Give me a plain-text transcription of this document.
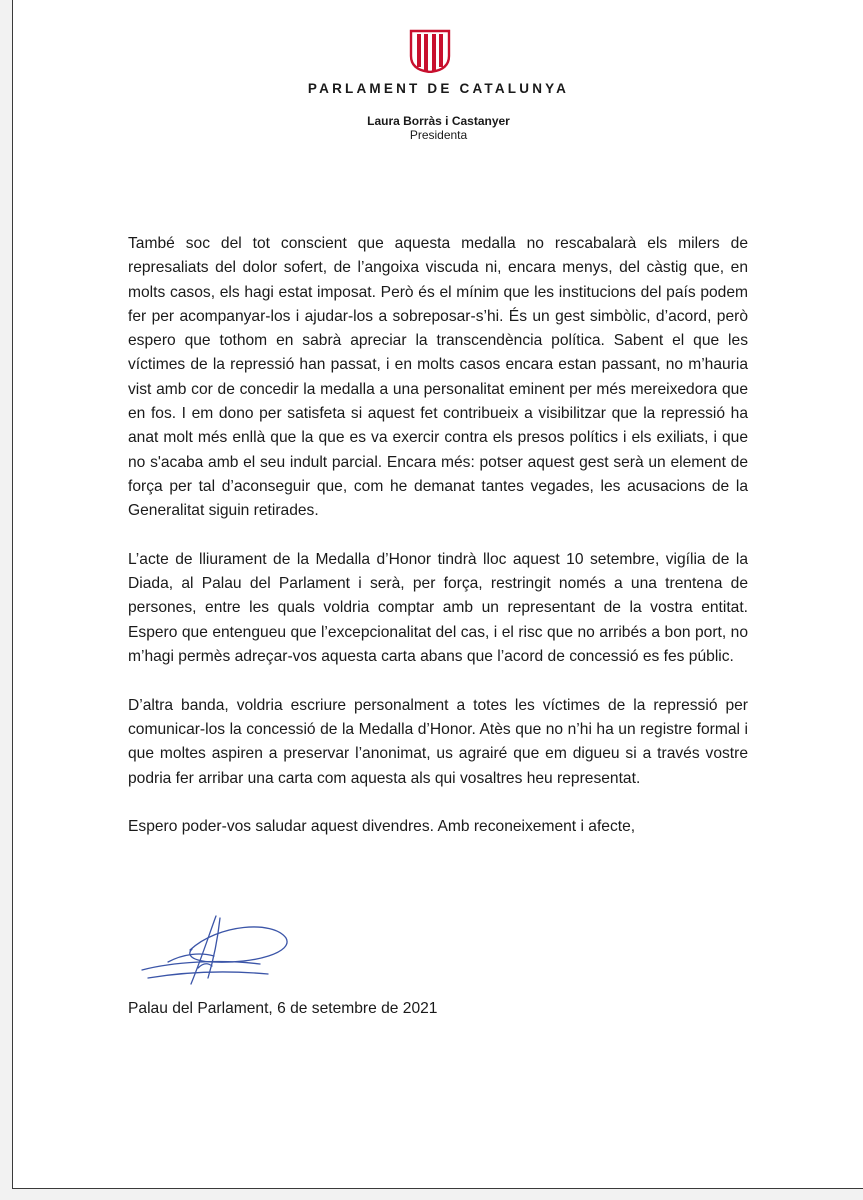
PARLAMENT DE CATALUNYA
Laura Borràs i Castanyer
Presidenta

També soc del tot conscient que aquesta medalla no rescabalarà els milers de represaliats del dolor sofert, de l’angoixa viscuda ni, encara menys, del càstig que, en molts casos, els hagi estat imposat. Però és el mínim que les institucions del país podem fer per acompanyar-los i ajudar-los a sobreposar-s’hi. És un gest simbòlic, d’acord, però espero que tothom en sabrà apreciar la transcendència política. Sabent el que les víctimes de la repressió han passat, i en molts casos encara estan passant, no m’hauria vist amb cor de concedir la medalla a una personalitat eminent per més mereixedora que en fos. I em dono per satisfeta si aquest fet contribueix a visibilitzar que la repressió ha anat molt més enllà que la que es va exercir contra els presos polítics i els exiliats, i que no s'acaba amb el seu indult parcial. Encara més: potser aquest gest serà un element de força per tal d’aconseguir que, com he demanat tantes vegades, les acusacions de la Generalitat siguin retirades.

L’acte de lliurament de la Medalla d’Honor tindrà lloc aquest 10 setembre, vigília de la Diada, al Palau del Parlament i serà, per força, restringit només a una trentena de persones, entre les quals voldria comptar amb un representant de la vostra entitat. Espero que entengueu que l’excepcionalitat del cas, i el risc que no arribés a bon port, no m’hagi permès adreçar-vos aquesta carta abans que l’acord de concessió es fes públic.

D’altra banda, voldria escriure personalment a totes les víctimes de la repressió per comunicar-los la concessió de la Medalla d’Honor. Atès que no n’hi ha un registre formal i que moltes aspiren a preservar l’anonimat, us agrairé que em digueu si a través vostre podria fer arribar una carta com aquesta als qui vosaltres heu representat.

Espero poder-vos saludar aquest divendres. Amb reconeixement i afecte,

Palau del Parlament, 6 de setembre de 2021
